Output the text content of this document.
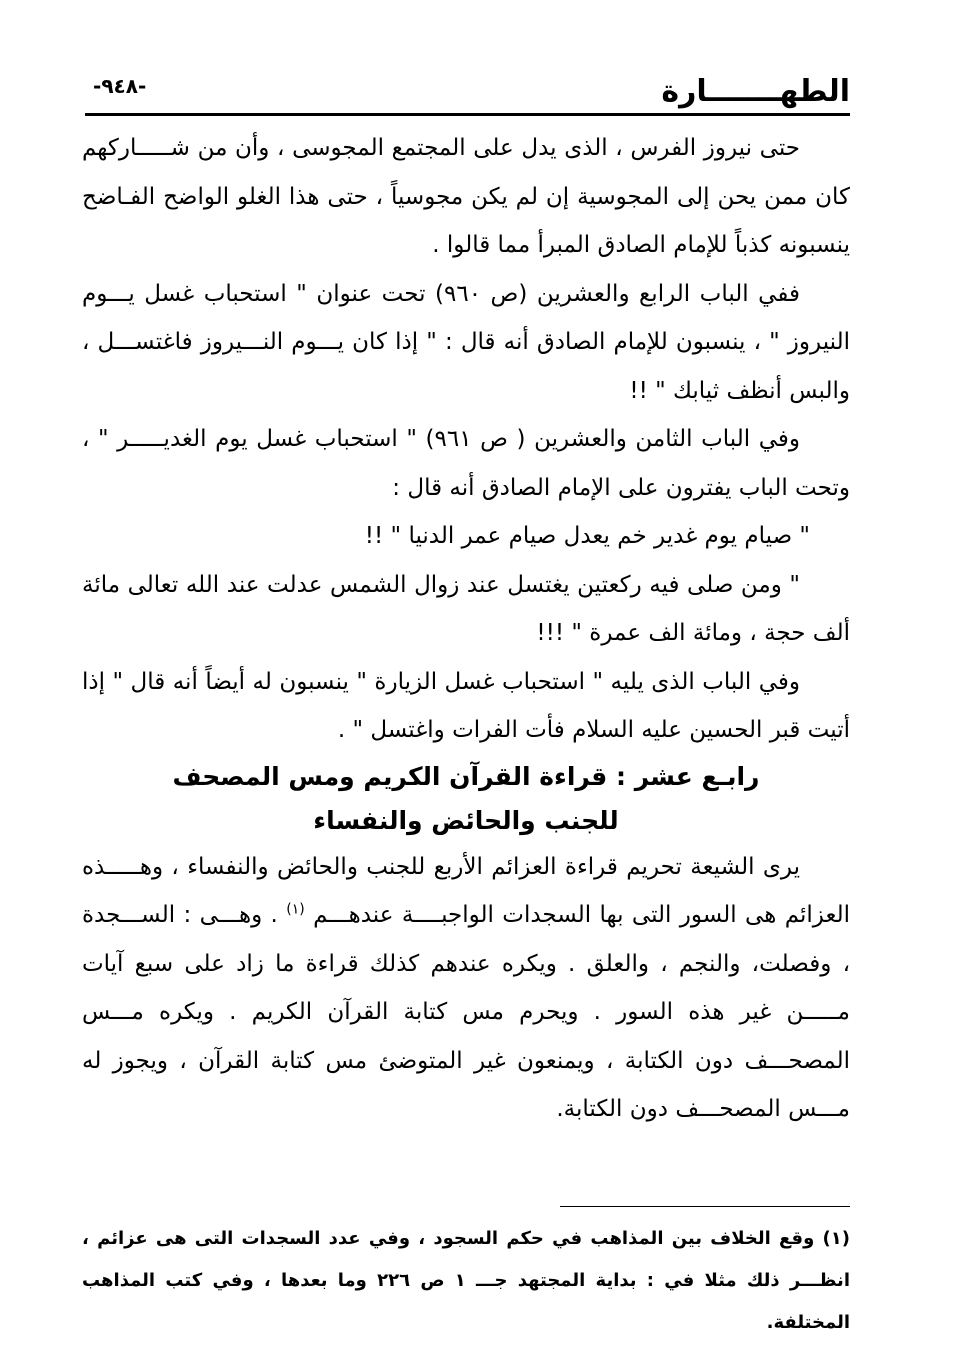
الطهـــــــارة
-٩٤٨-

حتى نيروز الفرس ، الذى يدل على المجتمع المجوسى ، وأن من شـــــاركهم كان ممن يحن إلى المجوسية إن لم يكن مجوسياً ، حتى هذا الغلو الواضح الفـاضح ينسبونه كذباً للإمام الصادق المبرأ مما قالوا .

ففي الباب الرابع والعشرين (ص ٩٦٠) تحت عنوان " استحباب غسل يـــوم النيروز " ، ينسبون للإمام الصادق أنه قال : " إذا كان يـــوم النـــيروز فاغتســـل ، والبس أنظف ثيابك " !!

وفي الباب الثامن والعشرين ( ص ٩٦١) " استحباب غسل يوم الغديـــــر " ، وتحت الباب يفترون على الإمام الصادق أنه قال :

" صيام يوم غدير خم يعدل صيام عمر الدنيا " !!

" ومن صلى فيه ركعتين يغتسل عند زوال الشمس عدلت عند الله تعالى مائة ألف حجة ، ومائة الف عمرة " !!!

وفي الباب الذى يليه " استحباب غسل الزيارة " ينسبون له أيضاً أنه قال " إذا أتيت قبر الحسين عليه السلام فأت الفرات واغتسل " .

رابـع عشر : قراءة القرآن الكريم ومس المصحف

للجنب والحائض والنفساء

يرى الشيعة تحريم قراءة العزائم الأربع للجنب والحائض والنفساء ، وهـــــذه العزائم هى السور التى بها السجدات الواجبــــة عندهـــم $^{(١)}$ . وهـــى : الســـجدة ، وفصلت، والنجم ، والعلق . ويكره عندهم كذلك قراءة ما زاد على سبع آيات مـــــن غير هذه السور . ويحرم مس كتابة القرآن الكريم . ويكره مـــس المصحـــف دون الكتابة ، ويمنعون غير المتوضئ مس كتابة القرآن ، ويجوز له مـــس المصحـــف دون الكتابة.

(١) وقع الخلاف بين المذاهب في حكم السجود ، وفي عدد السجدات التى هى عزائم ، انظـــر ذلك مثلا في : بداية المجتهد جـــ ١ ص ٢٢٦ وما بعدها ، وفي كتب المذاهب المختلفة.
